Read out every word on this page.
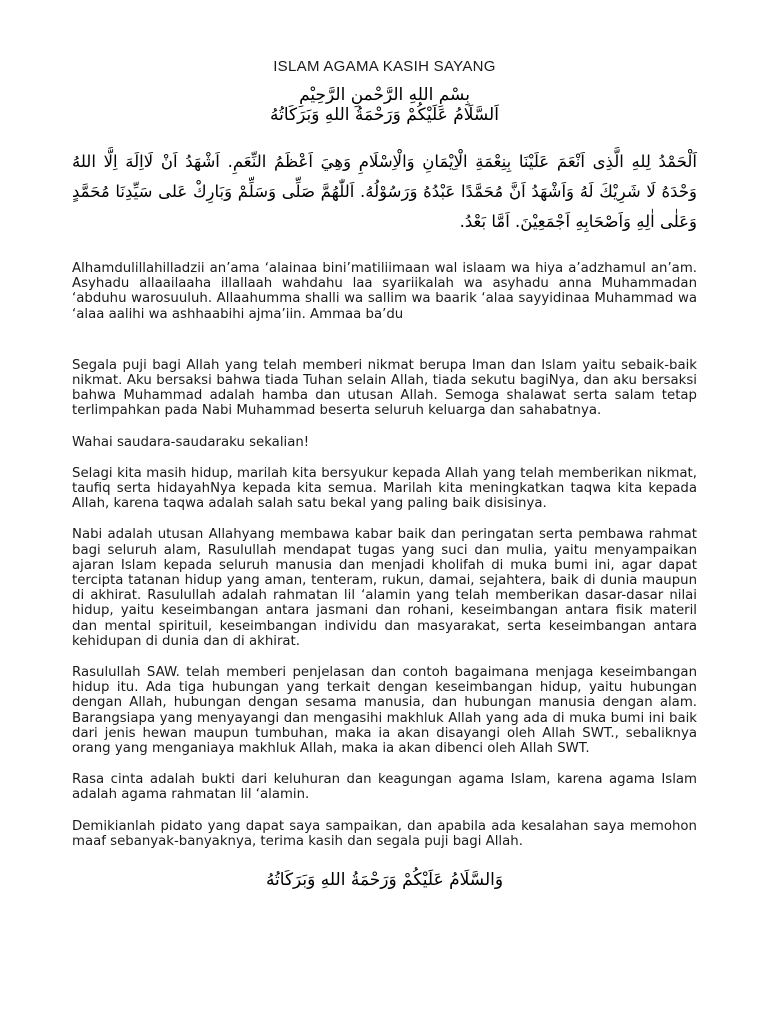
ISLAM AGAMA KASIH SAYANG
بِسْمِ اللهِ الرَّحْمنِ الرَّحِيْمِ
اَلسَّلَامُ عَلَيْكُمْ وَرَحْمَةُ اللهِ وَبَرَكَاتُهُ
اَلْحَمْدُ لِلهِ الَّذِى اَنْعَمَ عَلَيْنَا بِنِعْمَةِ الْاِيْمَانِ وَالْاِسْلَامِ وَهِيَ اَعْظَمُ النِّعَمِ. اَشْهَدُ اَنْ لَااِلَهَ اِلَّا اللهُ وَحْدَهُ لَا شَرِيْكَ لَهُ وَاَشْهَدُ اَنَّ مُحَمَّدًا عَبْدُهُ وَرَسُوْلُهُ. اَللّٰهُمَّ صَلِّى وَسَلِّمْ وَبَارِكْ عَلى سَيِّدِنَا مُحَمَّدٍ وَعَلٰى اٰلِهِ وَاَصْحَابِهِ اَجْمَعِيْنَ. اَمَّا بَعْدُ.

Alhamdulillahilladzii an’ama ‘alainaa bini’matiliimaan wal islaam wa hiya a’adzhamul an’am. Asyhadu allaailaaha illallaah wahdahu laa syariikalah wa asyhadu anna Muhammadan ‘abduhu warosuuluh. Allaahumma shalli wa sallim wa baarik ‘alaa sayyidinaa Muhammad wa ‘alaa aalihi wa ashhaabihi ajma’iin. Ammaa ba’du

Segala puji bagi Allah yang telah memberi nikmat berupa Iman dan Islam yaitu sebaik-baik nikmat. Aku bersaksi bahwa tiada Tuhan selain Allah, tiada sekutu bagiNya, dan aku bersaksi bahwa Muhammad adalah hamba dan utusan Allah. Semoga shalawat serta salam tetap terlimpahkan pada Nabi Muhammad beserta seluruh keluarga dan sahabatnya.

Wahai saudara-saudaraku sekalian!

Selagi kita masih hidup, marilah kita bersyukur kepada Allah yang telah memberikan nikmat, taufiq serta hidayahNya kepada kita semua. Marilah kita meningkatkan taqwa kita kepada Allah, karena taqwa adalah salah satu bekal yang paling baik disisinya.

Nabi adalah utusan Allahyang membawa kabar baik dan peringatan serta pembawa rahmat bagi seluruh alam, Rasulullah mendapat tugas yang suci dan mulia, yaitu menyampaikan ajaran Islam kepada seluruh manusia dan menjadi kholifah di muka bumi ini, agar dapat tercipta tatanan hidup yang aman, tenteram, rukun, damai, sejahtera, baik di dunia maupun di akhirat. Rasulullah adalah rahmatan lil ‘alamin yang telah memberikan dasar-dasar nilai hidup, yaitu keseimbangan antara jasmani dan rohani, keseimbangan antara fisik materil dan mental spirituil, keseimbangan individu dan masyarakat, serta keseimbangan antara kehidupan di dunia dan di akhirat.

Rasulullah SAW. telah memberi penjelasan dan contoh bagaimana menjaga keseimbangan hidup itu. Ada tiga hubungan yang terkait dengan keseimbangan hidup, yaitu hubungan dengan Allah, hubungan dengan sesama manusia, dan hubungan manusia dengan alam. Barangsiapa yang menyayangi dan mengasihi makhluk Allah yang ada di muka bumi ini baik dari jenis hewan maupun tumbuhan, maka ia akan disayangi oleh Allah SWT., sebaliknya orang yang menganiaya makhluk Allah, maka ia akan dibenci oleh Allah SWT.

Rasa cinta adalah bukti dari keluhuran dan keagungan agama Islam, karena agama Islam adalah agama rahmatan lil ‘alamin.

Demikianlah pidato yang dapat saya sampaikan, dan apabila ada kesalahan saya memohon maaf sebanyak-banyaknya, terima kasih dan segala puji bagi Allah.

وَالسَّلَامُ عَلَيْكُمْ وَرَحْمَةُ اللهِ وَبَرَكَاتُهُ
